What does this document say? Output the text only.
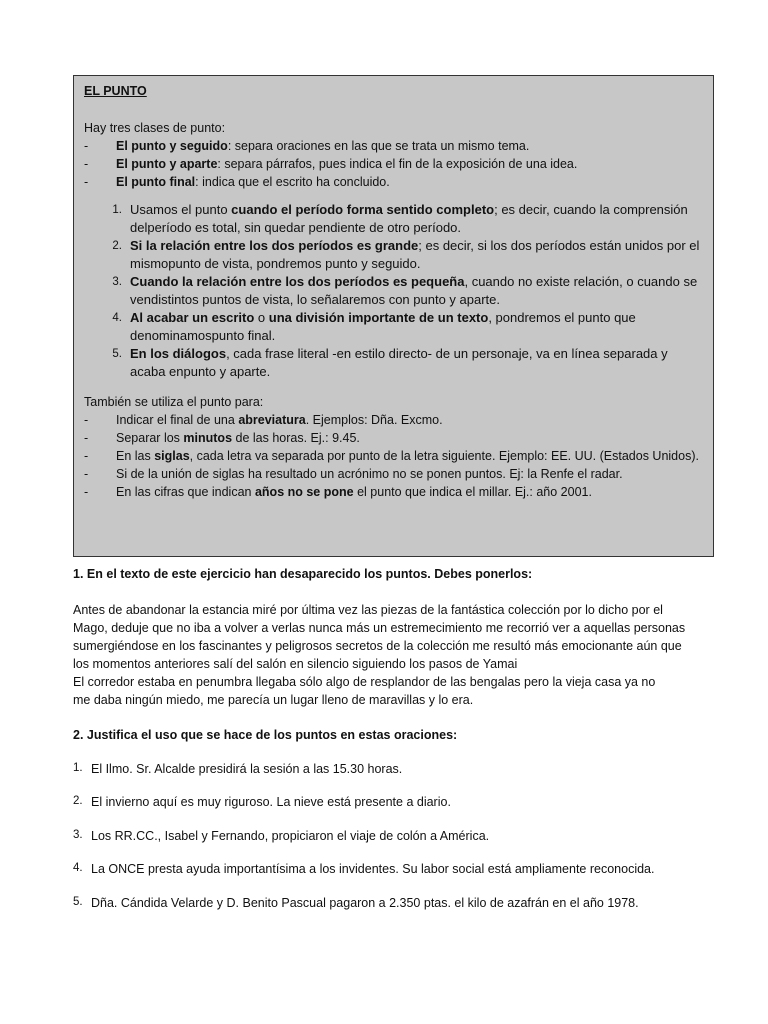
EL PUNTO

Hay tres clases de punto:
-	El punto y seguido: separa oraciones en las que se trata un mismo tema.
-	El punto y aparte: separa párrafos, pues indica el fin de la exposición de una idea.
-	El punto final: indica que el escrito ha concluido.
1. Usamos el punto cuando el período forma sentido completo; es decir, cuando la comprensión delperíodo es total, sin quedar pendiente de otro período.
2. Si la relación entre los dos períodos es grande; es decir, si los dos períodos están unidos por el mismopunto de vista, pondremos punto y seguido.
3. Cuando la relación entre los dos períodos es pequeña, cuando no existe relación, o cuando se vendistintos puntos de vista, lo señalaremos con punto y aparte.
4. Al acabar un escrito o una división importante de un texto, pondremos el punto que denominamospunto final.
5. En los diálogos, cada frase literal -en estilo directo- de un personaje, va en línea separada y acaba enpunto y aparte.
También se utiliza el punto para:
-	Indicar el final de una abreviatura. Ejemplos: Dña. Excmo.
-	Separar los minutos de las horas. Ej.: 9.45.
-	En las siglas, cada letra va separada por punto de la letra siguiente. Ejemplo: EE. UU. (Estados Unidos).
-	Si de la unión de siglas ha resultado un acrónimo no se ponen puntos. Ej: la Renfe el radar.
-	En las cifras que indican años no se pone el punto que indica el millar. Ej.: año 2001.
1. En el texto de este ejercicio han desaparecido los puntos. Debes ponerlos:
Antes de abandonar la estancia miré por última vez las piezas de la fantástica colección por lo dicho por el
Mago, deduje que no iba a volver a verlas nunca más un estremecimiento me recorrió ver a aquellas personas
sumergiéndose en los fascinantes y peligrosos secretos de la colección me resultó más emocionante aún que
los momentos anteriores salí del salón en silencio siguiendo los pasos de Yamai
El corredor estaba en penumbra llegaba sólo algo de resplandor de las bengalas pero la vieja casa ya no
me daba ningún miedo, me parecía un lugar lleno de maravillas y lo era.
2. Justifica el uso que se hace de los puntos en estas oraciones:
1. El Ilmo. Sr. Alcalde presidirá la sesión a las 15.30 horas.
2. El invierno aquí es muy riguroso. La nieve está presente a diario.
3. Los RR.CC., Isabel y Fernando, propiciaron el viaje de colón a América.
4. La ONCE presta ayuda importantísima a los invidentes. Su labor social está ampliamente reconocida.
5. Dña. Cándida Velarde y D. Benito Pascual pagaron a 2.350 ptas. el kilo de azafrán en el año 1978.
